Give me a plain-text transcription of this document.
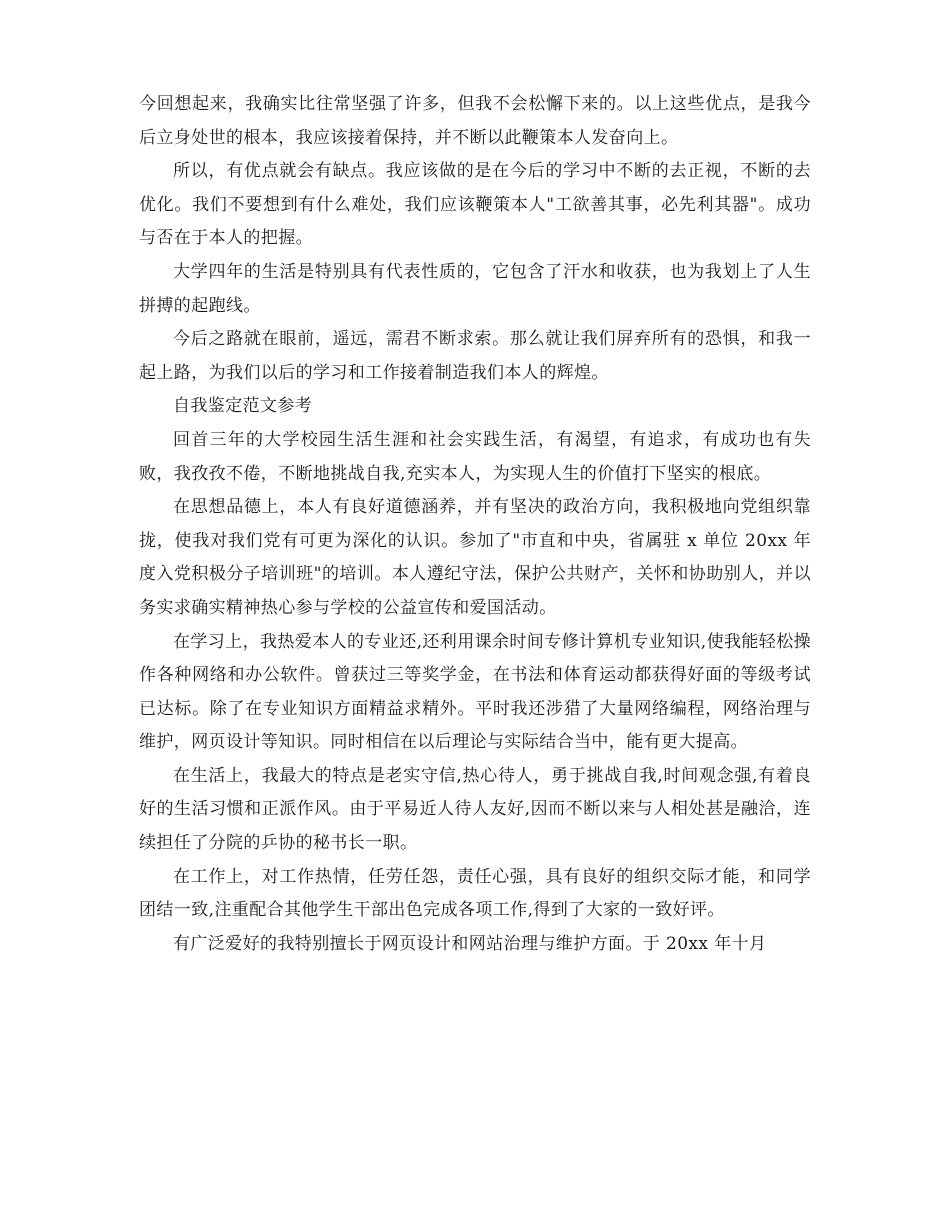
今回想起来，我确实比往常坚强了许多，但我不会松懈下来的。以上这些优点，是我今后立身处世的根本，我应该接着保持，并不断以此鞭策本人发奋向上。

所以，有优点就会有缺点。我应该做的是在今后的学习中不断的去正视，不断的去优化。我们不要想到有什么难处，我们应该鞭策本人"工欲善其事，必先利其器"。成功与否在于本人的把握。

大学四年的生活是特别具有代表性质的，它包含了汗水和收获，也为我划上了人生拼搏的起跑线。

今后之路就在眼前，遥远，需君不断求索。那么就让我们屏弃所有的恐惧，和我一起上路，为我们以后的学习和工作接着制造我们本人的辉煌。

自我鉴定范文参考

回首三年的大学校园生活生涯和社会实践生活，有渴望，有追求，有成功也有失败，我孜孜不倦，不断地挑战自我,充实本人，为实现人生的价值打下坚实的根底。

在思想品德上，本人有良好道德涵养，并有坚决的政治方向，我积极地向党组织靠拢，使我对我们党有可更为深化的认识。参加了"市直和中央，省属驻 x 单位 20xx 年度入党积极分子培训班"的培训。本人遵纪守法，保护公共财产，关怀和协助别人，并以务实求确实精神热心参与学校的公益宣传和爱国活动。

在学习上，我热爱本人的专业还,还利用课余时间专修计算机专业知识,使我能轻松操作各种网络和办公软件。曾获过三等奖学金，在书法和体育运动都获得好面的等级考试已达标。除了在专业知识方面精益求精外。平时我还涉猎了大量网络编程，网络治理与维护，网页设计等知识。同时相信在以后理论与实际结合当中，能有更大提高。

在生活上，我最大的特点是老实守信,热心待人，勇于挑战自我,时间观念强,有着良好的生活习惯和正派作风。由于平易近人待人友好,因而不断以来与人相处甚是融洽，连续担任了分院的乒协的秘书长一职。

在工作上，对工作热情，任劳任怨，责任心强，具有良好的组织交际才能，和同学团结一致,注重配合其他学生干部出色完成各项工作,得到了大家的一致好评。

有广泛爱好的我特别擅长于网页设计和网站治理与维护方面。于 20xx 年十月
